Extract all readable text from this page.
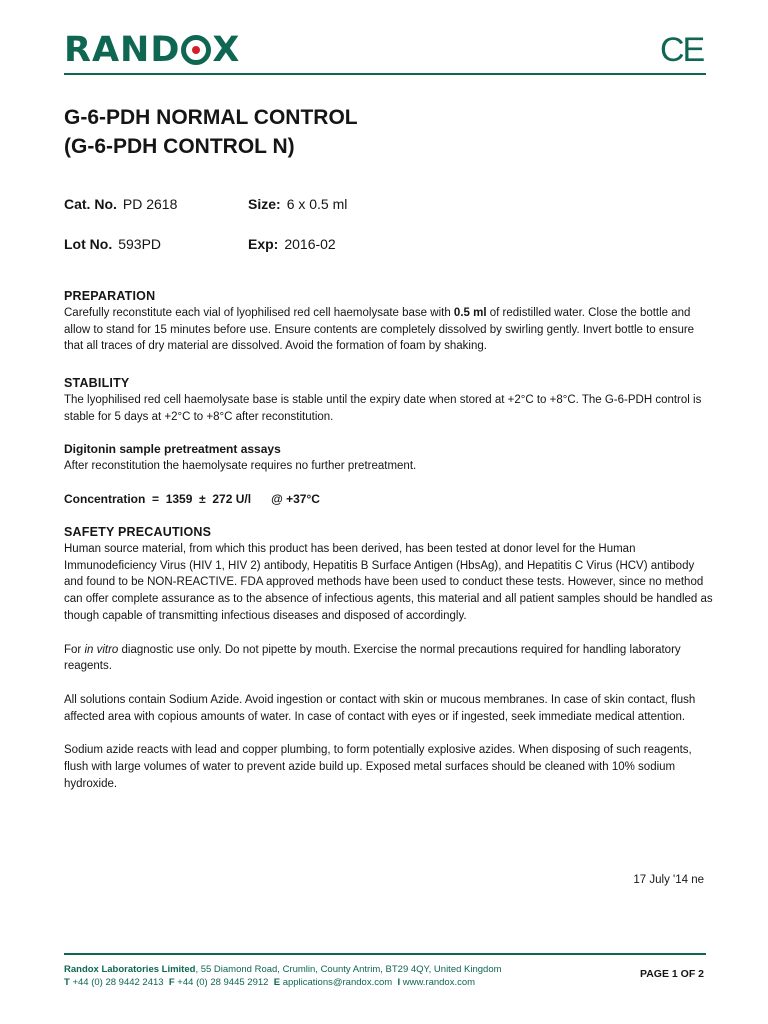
RAND X	CE
G-6-PDH NORMAL CONTROL
(G-6-PDH CONTROL N)
Cat. No. PD 2618	Size: 6 x 0.5 ml
Lot No. 593PD	Exp: 2016-02
PREPARATION

Carefully reconstitute each vial of lyophilised red cell haemolysate base with 0.5 ml of redistilled water. Close the bottle and allow to stand for 15 minutes before use. Ensure contents are completely dissolved by swirling gently. Invert bottle to ensure that all traces of dry material are dissolved. Avoid the formation of foam by shaking.

STABILITY

The lyophilised red cell haemolysate base is stable until the expiry date when stored at +2°C to +8°C. The G-6-PDH control is stable for 5 days at +2°C to +8°C after reconstitution.

Digitonin sample pretreatment assays

After reconstitution the haemolysate requires no further pretreatment.

Concentration = 1359 ± 272 U/l @ +37°C
SAFETY PRECAUTIONS

Human source material, from which this product has been derived, has been tested at donor level for the Human Immunodeficiency Virus (HIV 1, HIV 2) antibody, Hepatitis B Surface Antigen (HbsAg), and Hepatitis C Virus (HCV) antibody and found to be NON-REACTIVE. FDA approved methods have been used to conduct these tests. However, since no method can offer complete assurance as to the absence of infectious agents, this material and all patient samples should be handled as though capable of transmitting infectious diseases and disposed of accordingly.

For in vitro diagnostic use only. Do not pipette by mouth. Exercise the normal precautions required for handling laboratory reagents.

All solutions contain Sodium Azide. Avoid ingestion or contact with skin or mucous membranes. In case of skin contact, flush affected area with copious amounts of water. In case of contact with eyes or if ingested, seek immediate medical attention.

Sodium azide reacts with lead and copper plumbing, to form potentially explosive azides. When disposing of such reagents, flush with large volumes of water to prevent azide build up. Exposed metal surfaces should be cleaned with 10% sodium hydroxide.

17 July '14 ne
Randox Laboratories Limited, 55 Diamond Road, Crumlin, County Antrim, BT29 4QY, United Kingdom
T +44 (0) 28 9442 2413  F +44 (0) 28 9445 2912  E applications@randox.com  I www.randox.com
PAGE 1 OF 2
